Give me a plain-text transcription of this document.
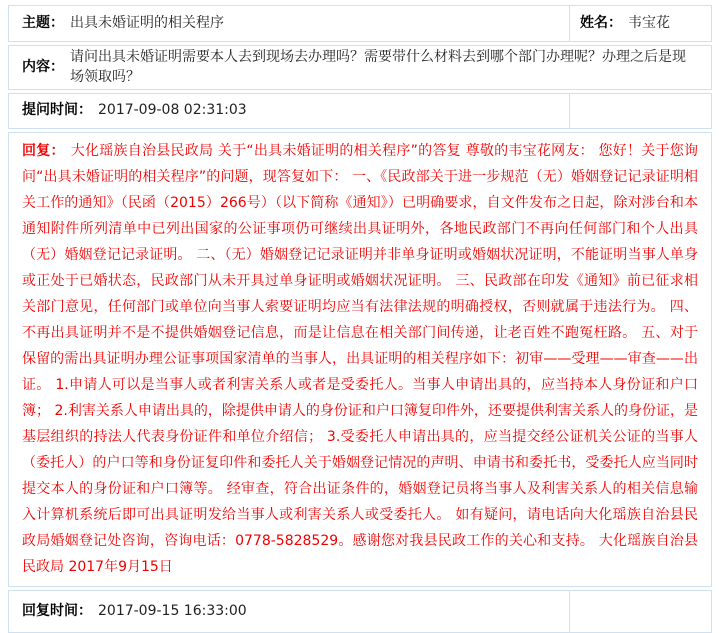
主题： 出具未婚证明的相关程序	姓名： 韦宝花
内容：
请问出具未婚证明需要本人去到现场去办理吗？需要带什么材料去到哪个部门办理呢？办理之后是现场领取吗？
提问时间： 2017-09-08 02:31:03
回复： 大化瑶族自治县民政局 关于“出具未婚证明的相关程序”的答复 尊敬的韦宝花网友： 您好！关于您询问“出具未婚证明的相关程序”的问题，现答复如下： 一、《民政部关于进一步规范（无）婚姻登记记录证明相关工作的通知》（民函（2015）266号）（以下简称《通知》）已明确要求，自文件发布之日起，除对涉台和本通知附件所列清单中已列出国家的公证事项仍可继续出具证明外，各地民政部门不再向任何部门和个人出具（无）婚姻登记记录证明。 二、（无）婚姻登记记录证明并非单身证明或婚姻状况证明，不能证明当事人单身或正处于已婚状态，民政部门从未开具过单身证明或婚姻状况证明。 三、民政部在印发《通知》前已征求相关部门意见，任何部门或单位向当事人索要证明均应当有法律法规的明确授权，否则就属于违法行为。 四、不再出具证明并不是不提供婚姻登记信息，而是让信息在相关部门间传递，让老百姓不跑冤枉路。 五、对于保留的需出具证明办理公证事项国家清单的当事人，出具证明的相关程序如下：初审——受理——审查——出证。 1.申请人可以是当事人或者利害关系人或者是受委托人。当事人申请出具的，应当持本人身份证和户口簿； 2.利害关系人申请出具的，除提供申请人的身份证和户口簿复印件外，还要提供利害关系人的身份证，是基层组织的持法人代表身份证件和单位介绍信； 3.受委托人申请出具的，应当提交经公证机关公证的当事人（委托人）的户口等和身份证复印件和委托人关于婚姻登记情况的声明、申请书和委托书，受委托人应当同时提交本人的身份证和户口簿等。 经审查，符合出证条件的，婚姻登记员将当事人及利害关系人的相关信息输入计算机系统后即可出具证明发给当事人或利害关系人或受委托人。 如有疑问，请电话向大化瑶族自治县民政局婚姻登记处咨询，咨询电话：0778-5828529。感谢您对我县民政工作的关心和支持。 大化瑶族自治县民政局 2017年9月15日
回复时间： 2017-09-15 16:33:00
